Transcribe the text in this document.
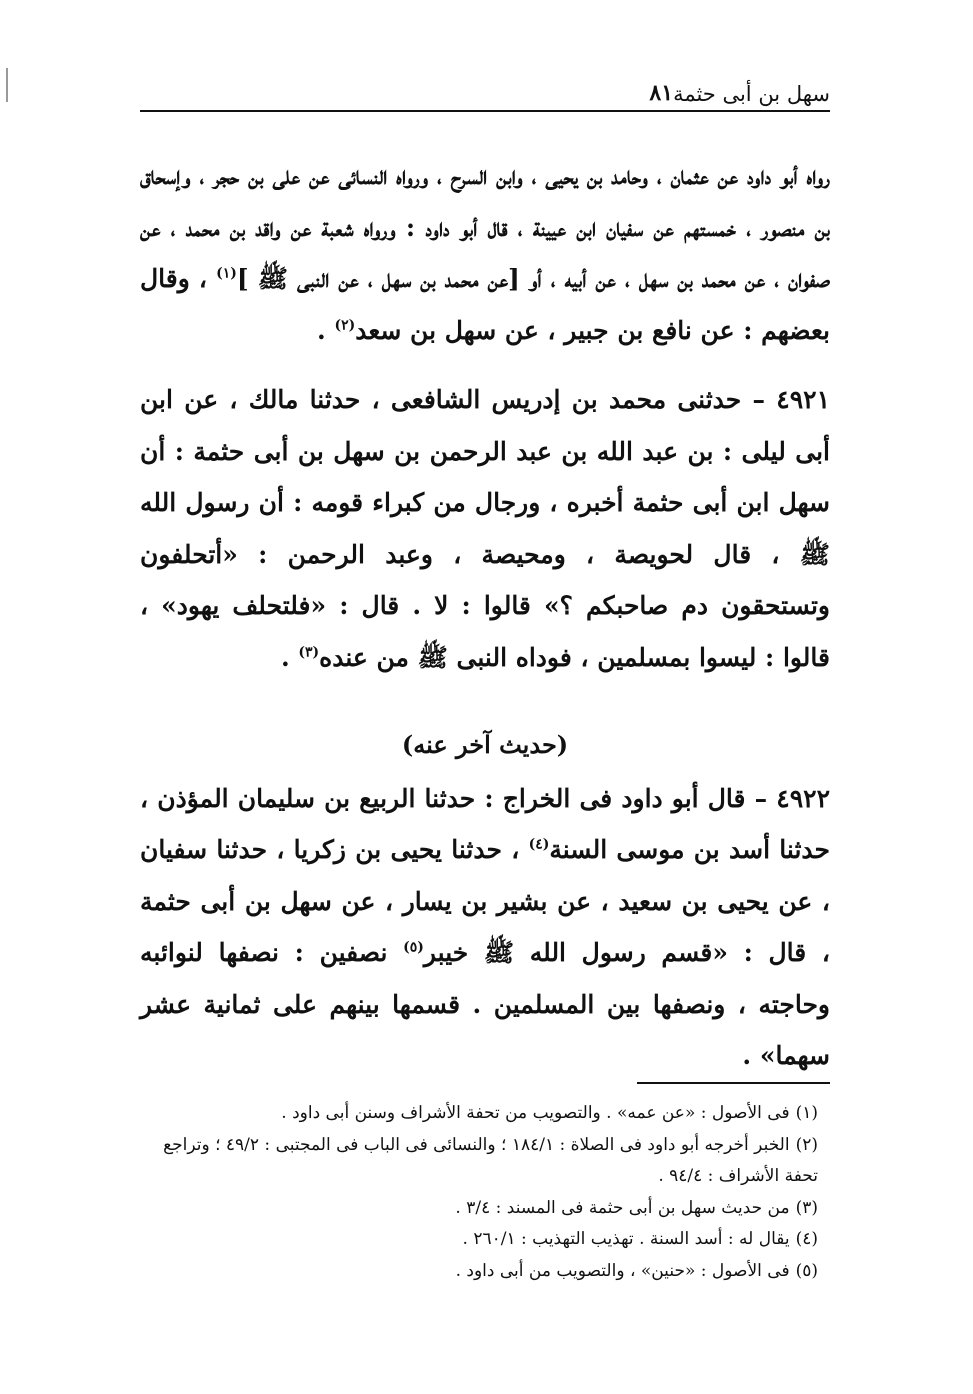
سهل بن أبى حثمة
٨١

رواه أبو داود عن عثمان ، وحامد بن يحيى ، وابن السرح ، ورواه النسائى عن على بن حجر ، وإسحاق بن منصور ، خمستهم عن سفيان ابن عيينة ، قال أبو داود : ورواه شعبة عن واقد بن محمد ، عن صفوان ، عن محمد بن سهل ، عن أبيه ، أو [عن محمد بن سهل ، عن النبى ﷺ ]$^{(١)}$ ، وقال بعضهم : عن نافع بن جبير ، عن سهل بن سعد$^{(٢)}$ .

٤٩٢١ – حدثنى محمد بن إدريس الشافعى ، حدثنا مالك ، عن ابن أبى ليلى : بن عبد الله بن عبد الرحمن بن سهل بن أبى حثمة : أن سهل ابن أبى حثمة أخبره ، ورجال من كبراء قومه : أن رسول الله ﷺ ، قال لحويصة ، ومحيصة ، وعبد الرحمن : «أتحلفون وتستحقون دم صاحبكم ؟» قالوا : لا . قال : «فلتحلف يهود» ، قالوا : ليسوا بمسلمين ، فوداه النبى ﷺ من عنده$^{(٣)}$ .

(حديث آخر عنه)

٤٩٢٢ – قال أبو داود فى الخراج : حدثنا الربيع بن سليمان المؤذن ، حدثنا أسد بن موسى السنة$^{(٤)}$ ، حدثنا يحيى بن زكريا ، حدثنا سفيان ، عن يحيى بن سعيد ، عن بشير بن يسار ، عن سهل بن أبى حثمة ، قال : «قسم رسول الله ﷺ خيبر$^{(٥)}$ نصفين : نصفها لنوائبه وحاجته ، ونصفها بين المسلمين . قسمها بينهم على ثمانية عشر سهما» .

(١)فى الأصول : «عن عمه» . والتصويب من تحفة الأشراف وسنن أبى داود .

(٢)الخبر أخرجه أبو داود فى الصلاة : ١٨٤/١ ؛ والنسائى فى الباب فى المجتبى : ٤٩/٢ ؛ وتراجع تحفة الأشراف : ٩٤/٤ .

(٣)من حديث سهل بن أبى حثمة فى المسند : ٣/٤ .

(٤)يقال له : أسد السنة . تهذيب التهذيب : ٢٦٠/١ .

(٥)فى الأصول : «حنين» ، والتصويب من أبى داود .
